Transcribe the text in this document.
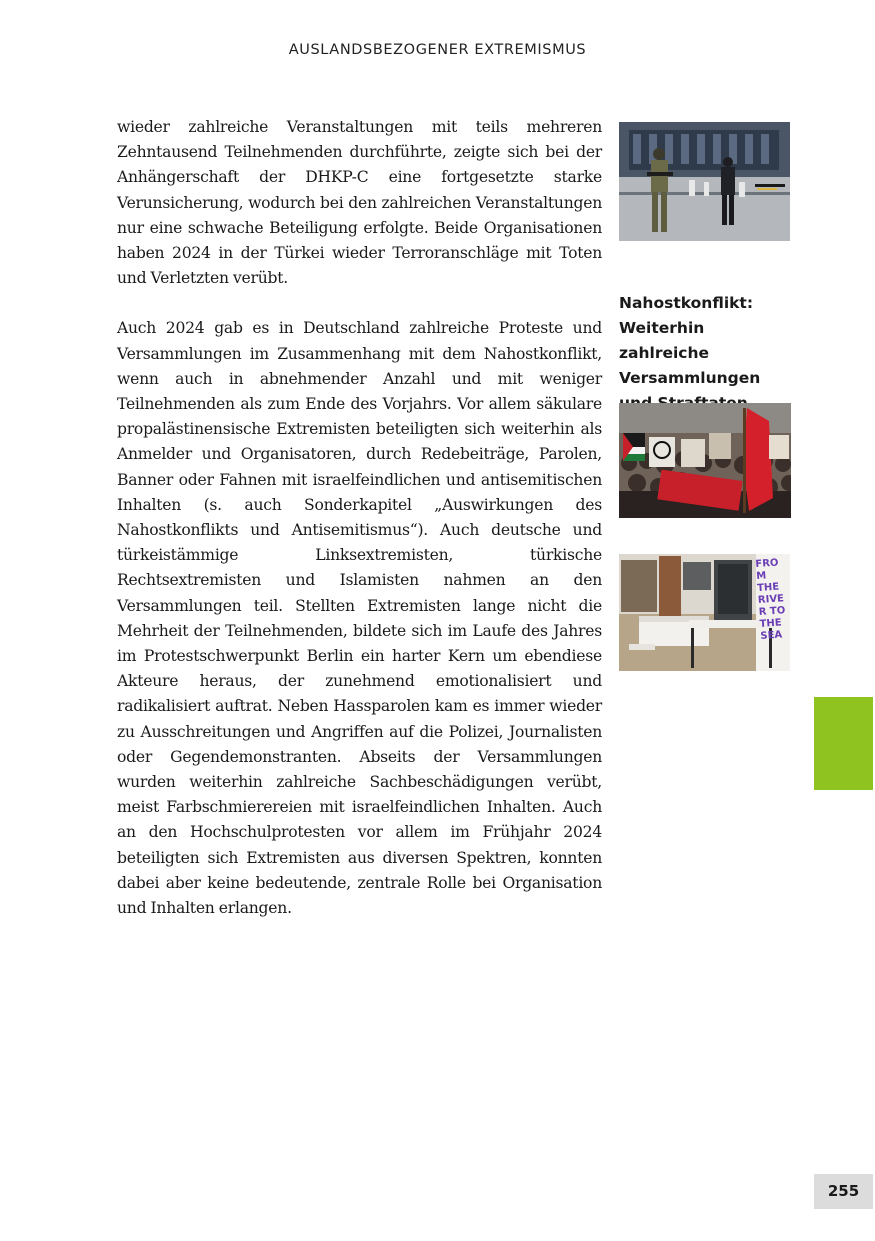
AUSLANDSBEZOGENER EXTREMISMUS

wieder zahlreiche Veranstaltungen mit teils mehreren Zehntausend Teilnehmenden durchführte, zeigte sich bei der Anhängerschaft der DHKP-C eine fortgesetzte starke Verunsicherung, wodurch bei den zahlreichen Veranstaltungen nur eine schwache Beteiligung erfolgte. Beide Organisationen haben 2024 in der Türkei wieder Terroranschläge mit Toten und Verletzten verübt.

Auch 2024 gab es in Deutschland zahlreiche Proteste und Versammlungen im Zusammenhang mit dem Nahostkonflikt, wenn auch in abnehmender Anzahl und mit weniger Teilnehmenden als zum Ende des Vorjahrs. Vor allem säkulare propalästinensische Extremisten beteiligten sich weiterhin als Anmelder und Organisatoren, durch Redebeiträge, Parolen, Banner oder Fahnen mit israelfeindlichen und antisemitischen Inhalten (s. auch Sonderkapitel „Auswirkungen des Nahostkonflikts und Antisemitismus“). Auch deutsche und türkeistämmige Linksextremisten, türkische Rechtsextremisten und Islamisten nahmen an den Versammlungen teil. Stellten Extremisten lange nicht die Mehrheit der Teilnehmenden, bildete sich im Laufe des Jahres im Protestschwerpunkt Berlin ein harter Kern um ebendiese Akteure heraus, der zunehmend emotionalisiert und radikalisiert auftrat. Neben Hassparolen kam es immer wieder zu Ausschreitungen und Angriffen auf die Polizei, Journalisten oder Gegendemonstranten. Abseits der Versammlungen wurden weiterhin zahlreiche Sachbeschädigungen verübt, meist Farbschmierereien mit israelfeindlichen Inhalten. Auch an den Hochschulprotesten vor allem im Frühjahr 2024 beteiligten sich Extremisten aus diversen Spektren, konnten dabei aber keine bedeutende, zentrale Rolle bei Organisation und Inhalten erlangen.

Nahostkonflikt: Weiterhin zahlreiche Versammlungen
FROM THE RIVER TO THE SEA
255
